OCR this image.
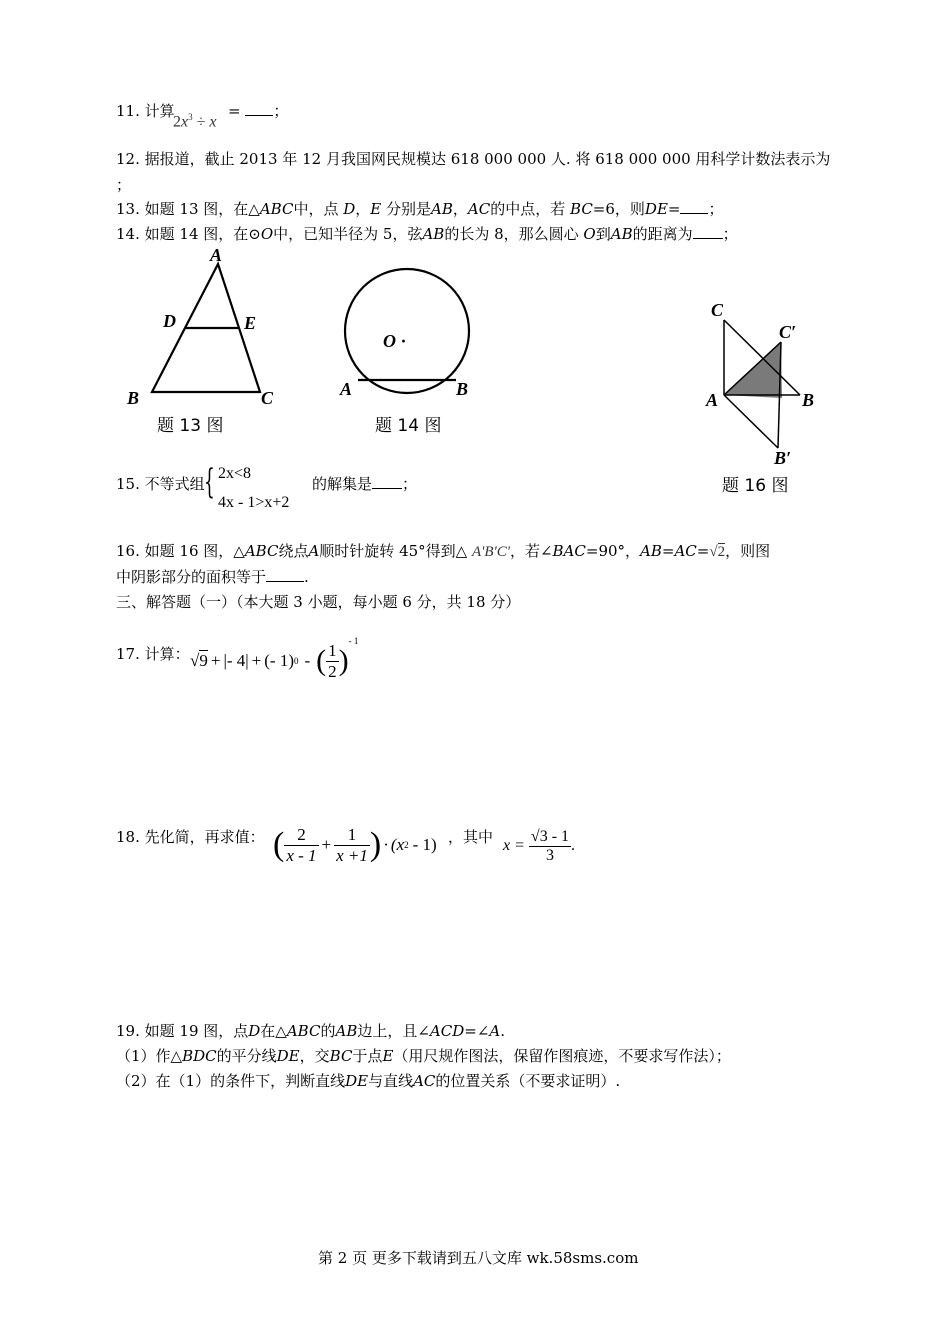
11. 计算
$2x^3 \div x$
= ；
12. 据报道，截止 2013 年 12 月我国网民规模达 618 000 000 人. 将 618 000 000 用科学计数法表示为
；
13. 如题 13 图，在△ABC中，点 D，E 分别是AB，AC的中点，若 BC=6，则DE= ；
14. 如题 14 图，在⊙O中，已知半径为 5，弦AB的长为 8，那么圆心 O到AB的距离为 ；
A
D	E
B	C
题 13 图
O ·
A	B
题 14 图
C
C′
A	B
B′
题 16 图
15. 不等式组 { 2x<8
4x - 1>x+2
的解集是 ；
16. 如题 16 图，△ABC绕点A顺时针旋转 45°得到△ A'B'C'，若∠BAC=90°，AB=AC=√2，则图
中阴影部分的面积等于	.
三、解答题（一）（本大题 3 小题，每小题 6 分，共 18 分）
17. 计算： √9 + |- 4| + (- 1) 0 - ( $\frac{1}{2}$ )
$^{- 1}$
18. 先化简，再求值： ( $\frac{2}{x - 1} + \frac{1}{x +1}$ ) · (x 2 - 1) ，其中 $x = \frac{√3 - 1}{3}$ .
19. 如题 19 图，点D在△ABC的AB边上，且∠ACD=∠A.
（1）作△BDC的平分线DE，交BC于点E（用尺规作图法，保留作图痕迹，不要求写作法）；
（2）在（1）的条件下，判断直线DE与直线AC的位置关系（不要求证明）.
第 2 页 更多下载请到五八文库 wk.58sms.com
